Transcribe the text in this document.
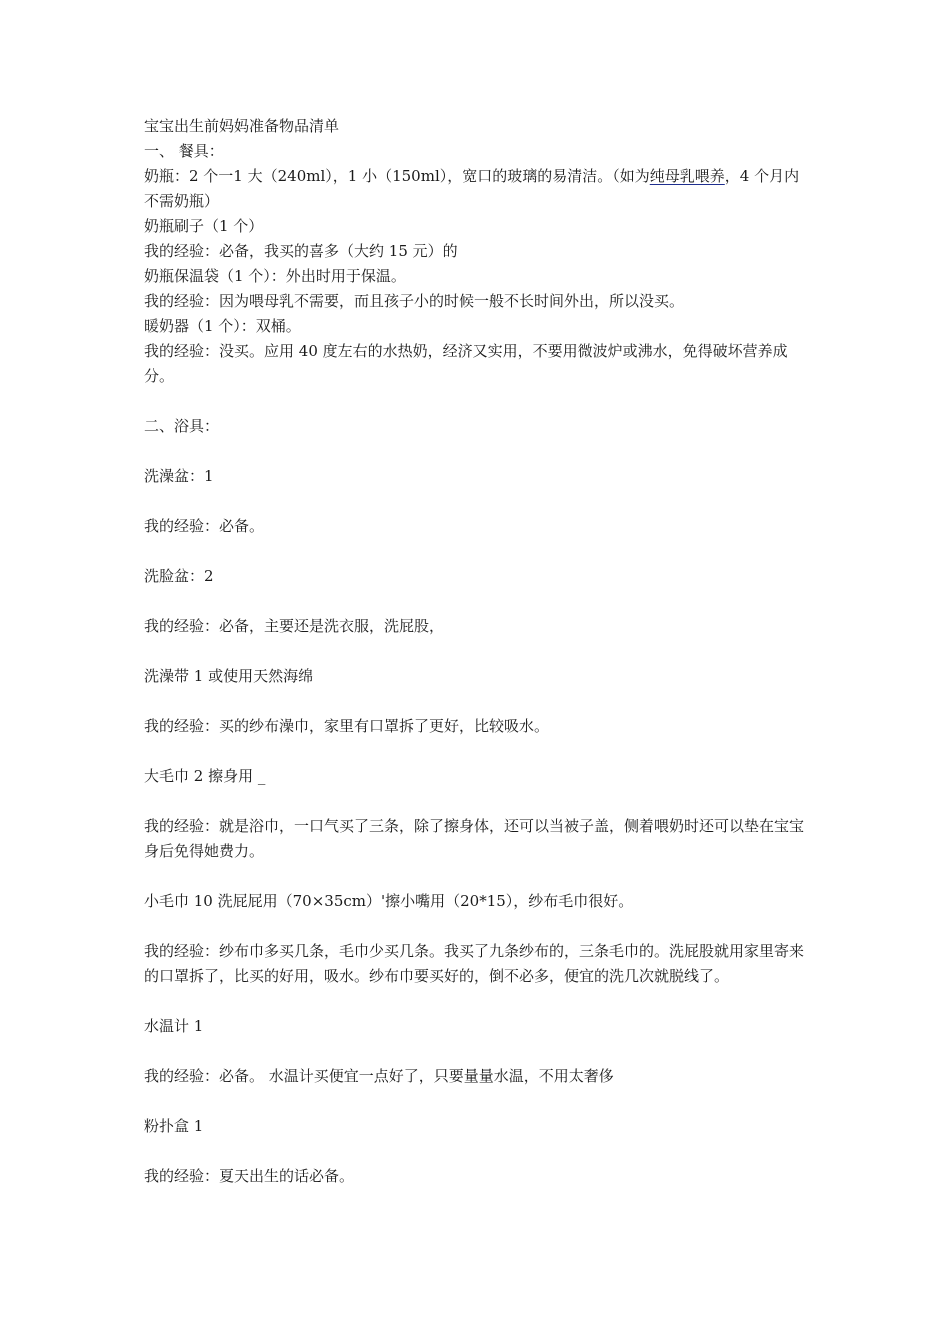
宝宝出生前妈妈准备物品清单

一、 餐具：

奶瓶：2 个一1 大（240ml），1 小（150ml），宽口的玻璃的易清洁。（如为纯母乳喂养，4 个月内不需奶瓶）

奶瓶刷子（1 个）

我的经验：必备，我买的喜多（大约 15 元）的

奶瓶保温袋（1 个）：外出时用于保温。

我的经验：因为喂母乳不需要，而且孩子小的时候一般不长时间外出，所以没买。

暖奶器（1 个）：双桶。

我的经验：没买。应用 40 度左右的水热奶，经济又实用，不要用微波炉或沸水，免得破坏营养成分。

二、浴具：

洗澡盆：1

我的经验：必备。

洗脸盆：2

我的经验：必备，主要还是洗衣服，洗屁股，

洗澡带 1 或使用天然海绵

我的经验：买的纱布澡巾，家里有口罩拆了更好，比较吸水。

大毛巾 2 擦身用 _

我的经验：就是浴巾，一口气买了三条，除了擦身体，还可以当被子盖，侧着喂奶时还可以垫在宝宝身后免得她费力。

小毛巾 10 洗屁屁用（70×35cm）'擦小嘴用（20*15），纱布毛巾很好。

我的经验：纱布巾多买几条，毛巾少买几条。我买了九条纱布的，三条毛巾的。洗屁股就用家里寄来的口罩拆了，比买的好用，吸水。纱布巾要买好的，倒不必多，便宜的洗几次就脱线了。

水温计 1

我的经验：必备。 水温计买便宜一点好了，只要量量水温，不用太奢侈

粉扑盒 1

我的经验：夏天出生的话必备。
